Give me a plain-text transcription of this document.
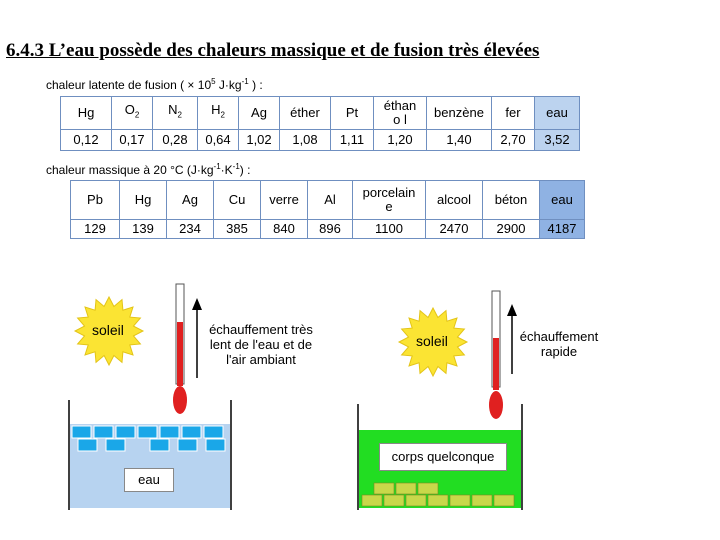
6.4.3 L’eau possède des chaleurs massique et de fusion très élevées
chaleur latente de fusion ( × $10^5$ $J\cdot kg^{-1}$ ) :
Hg	$O_2$	$N_2$	$H_2$	Ag	éther	Pt	éthano l	benzène	fer	eau
0,12	0,17	0,28	0,64	1,02	1,08	1,11	1,20	1,40	2,70	3,52
chaleur massique à 20 °C $(J\cdot kg^{-1}\cdot K^{-1})$ :
Pb	Hg	Ag	Cu	verre	Al	porcelain e	alcool	béton	eau
129	139	234	385	840	896	1100	2470	2900	4187
soleil	échauffement très
lent de l'eau et de
l'air ambiant
eau
soleil	échauffement
rapide
corps quelconque
